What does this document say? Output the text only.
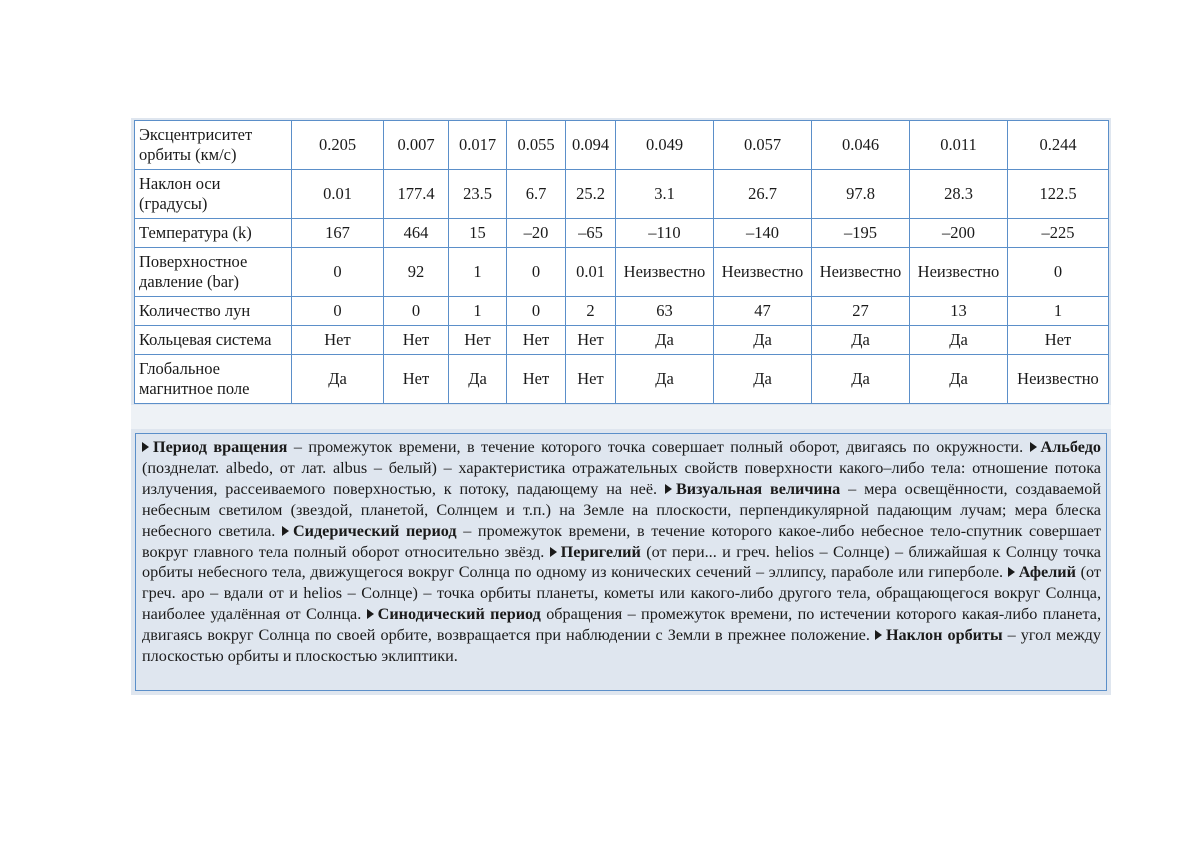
Эксцентриситет орбиты (км/с)	0.205	0.007	0.017	0.055	0.094	0.049	0.057	0.046	0.011	0.244
Наклон оси (градусы)	0.01	177.4	23.5	6.7	25.2	3.1	26.7	97.8	28.3	122.5
Температура (k)	167	464	15	–20	–65	–110	–140	–195	–200	–225
Поверхностное давление (bar)	0	92	1	0	0.01	Неизвестно	Неизвестно	Неизвестно	Неизвестно	0
Количество лун	0	0	1	0	2	63	47	27	13	1
Кольцевая система	Нет	Нет	Нет	Нет	Нет	Да	Да	Да	Да	Нет
Глобальное магнитное поле	Да	Нет	Да	Нет	Нет	Да	Да	Да	Да	Неизвестно
Период вращения – промежуток времени, в течение которого точка совершает полный оборот, двигаясь по окружности. Альбедо (позднелат. albedo, от лат. albus – белый) – характеристика отражательных свойств поверхности какого–либо тела: отношение потока излучения, рассеиваемого поверхностью, к потоку, падающему на неё. Визуальная величина – мера освещённости, создаваемой небесным светилом (звездой, планетой, Солнцем и т.п.) на Земле на плоскости, перпендикулярной падающим лучам; мера блеска небесного светила. Сидерический период – промежуток времени, в течение которого какое-либо небесное тело-спутник совершает вокруг главного тела полный оборот относительно звёзд. Перигелий (от пери... и греч. helios – Солнце) – ближайшая к Солнцу точка орбиты небесного тела, движущегося вокруг Солнца по одному из конических сечений – эллипсу, параболе или гиперболе. Афелий (от греч. apo – вдали от и helios – Солнце) – точка орбиты планеты, кометы или какого-либо другого тела, обращающегося вокруг Солнца, наиболее удалённая от Солнца. Синодический период обращения – промежуток времени, по истечении которого какая-либо планета, двигаясь вокруг Солнца по своей орбите, возвращается при наблюдении с Земли в прежнее положение. Наклон орбиты – угол между плоскостью орбиты и плоскостью эклиптики.
